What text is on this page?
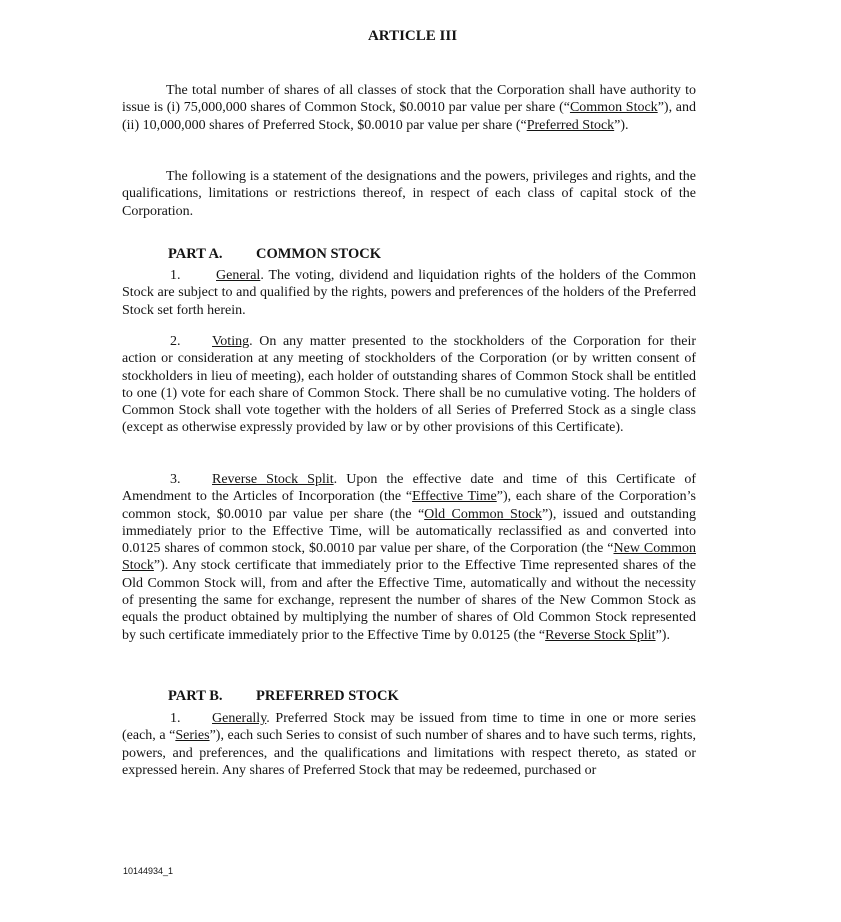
ARTICLE III

The total number of shares of all classes of stock that the Corporation shall have authority to issue is (i) 75,000,000 shares of Common Stock, $0.0010 par value per share (“Common Stock”), and (ii) 10,000,000 shares of Preferred Stock, $0.0010 par value per share (“Preferred Stock”).

The following is a statement of the designations and the powers, privileges and rights, and the qualifications, limitations or restrictions thereof, in respect of each class of capital stock of the Corporation.

PART A. COMMON STOCK

1.	General. The voting, dividend and liquidation rights of the holders of the Common Stock are subject to and qualified by the rights, powers and preferences of the holders of the Preferred Stock set forth herein.

2. Voting. On any matter presented to the stockholders of the Corporation for their action or consideration at any meeting of stockholders of the Corporation (or by written consent of stockholders in lieu of meeting), each holder of outstanding shares of Common Stock shall be entitled to one (1) vote for each share of Common Stock. There shall be no cumulative voting. The holders of Common Stock shall vote together with the holders of all Series of Preferred Stock as a single class (except as otherwise expressly provided by law or by other provisions of this Certificate).

3. Reverse Stock Split. Upon the effective date and time of this Certificate of Amendment to the Articles of Incorporation (the “Effective Time”), each share of the Corporation’s common stock, $0.0010 par value per share (the “Old Common Stock”), issued and outstanding immediately prior to the Effective Time, will be automatically reclassified as and converted into 0.0125 shares of common stock, $0.0010 par value per share, of the Corporation (the “New Common Stock”). Any stock certificate that immediately prior to the Effective Time represented shares of the Old Common Stock will, from and after the Effective Time, automatically and without the necessity of presenting the same for exchange, represent the number of shares of the New Common Stock as equals the product obtained by multiplying the number of shares of Old Common Stock represented by such certificate immediately prior to the Effective Time by 0.0125 (the “Reverse Stock Split”).

PART B. PREFERRED STOCK

1. Generally. Preferred Stock may be issued from time to time in one or more series (each, a “Series”), each such Series to consist of such number of shares and to have such terms, rights, powers, and preferences, and the qualifications and limitations with respect thereto, as stated or expressed herein. Any shares of Preferred Stock that may be redeemed, purchased or

10144934_1
